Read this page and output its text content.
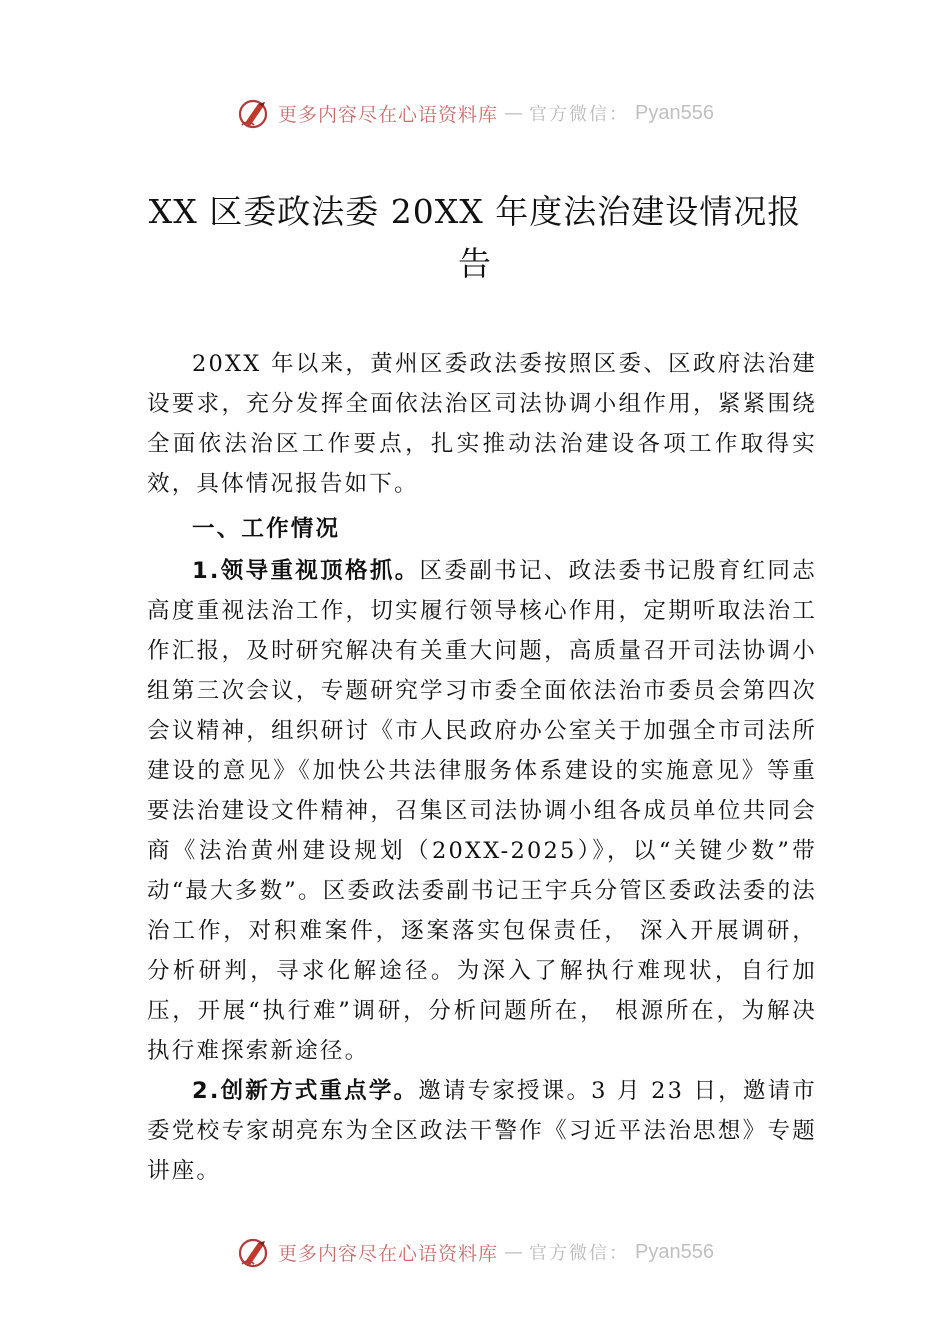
更多内容尽在心语资料库 — 官方微信： Pyan556
XX 区委政法委 20XX 年度法治建设情况报告

20XX 年以来，黄州区委政法委按照区委、区政府法治建设要求，充分发挥全面依法治区司法协调小组作用，紧紧围绕全面依法治区工作要点，扎实推动法治建设各项工作取得实效，具体情况报告如下。

一、工作情况

1.领导重视顶格抓。区委副书记、政法委书记殷育红同志高度重视法治工作，切实履行领导核心作用，定期听取法治工作汇报，及时研究解决有关重大问题，高质量召开司法协调小组第三次会议，专题研究学习市委全面依法治市委员会第四次会议精神，组织研讨《市人民政府办公室关于加强全市司法所建设的意见》《加快公共法律服务体系建设的实施意见》等重要法治建设文件精神，召集区司法协调小组各成员单位共同会商《法治黄州建设规划（20XX-2025）》，以“关键少数”带动“最大多数”。区委政法委副书记王宇兵分管区委政法委的法治工作，对积难案件，逐案落实包保责任， 深入开展调研，分析研判，寻求化解途径。为深入了解执行难现状，自行加压，开展“执行难”调研，分析问题所在， 根源所在，为解决执行难探索新途径。

2.创新方式重点学。邀请专家授课。3 月 23 日，邀请市委党校专家胡亮东为全区政法干警作《习近平法治思想》专题讲座。

更多内容尽在心语资料库 — 官方微信： Pyan556
